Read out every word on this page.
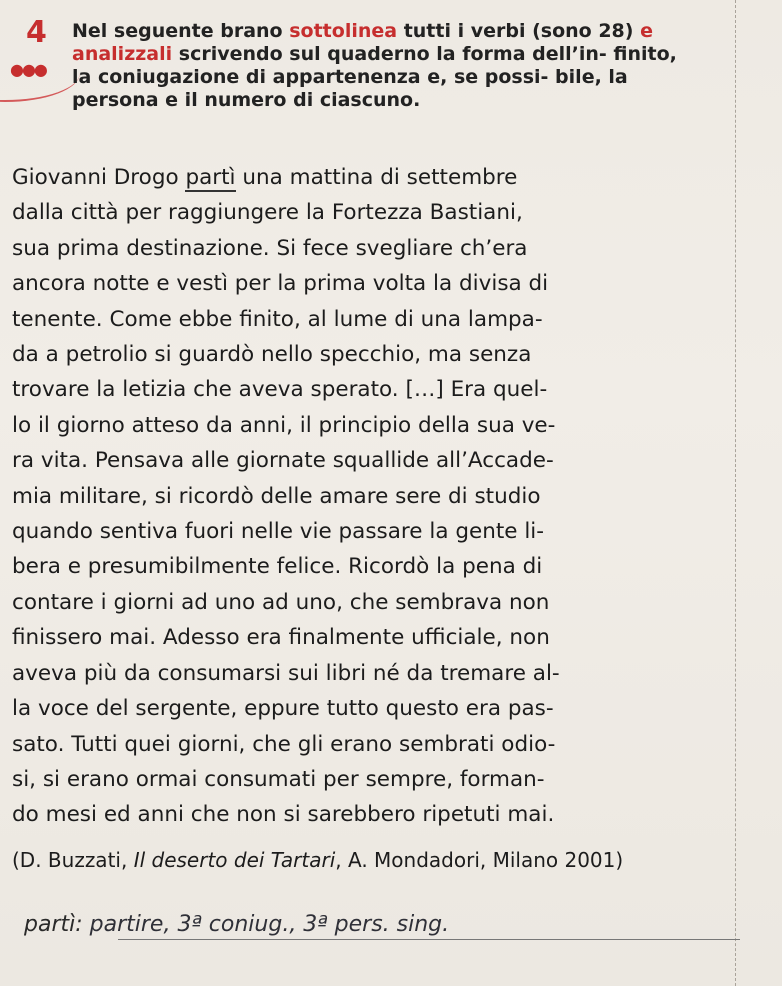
4
●●●
Nel seguente brano sottolinea tutti i verbi (sono 28) e analizzali scrivendo sul quaderno la forma dell’in- finito, la coniugazione di appartenenza e, se possi- bile, la persona e il numero di ciascuno.
Giovanni Drogo partì una mattina di settembre
dalla città per raggiungere la Fortezza Bastiani,
sua prima destinazione. Si fece svegliare ch’era
ancora notte e vestì per la prima volta la divisa di
tenente. Come ebbe finito, al lume di una lampa-
da a petrolio si guardò nello specchio, ma senza
trovare la letizia che aveva sperato. […] Era quel-
lo il giorno atteso da anni, il principio della sua ve-
ra vita. Pensava alle giornate squallide all’Accade-
mia militare, si ricordò delle amare sere di studio
quando sentiva fuori nelle vie passare la gente li-
bera e presumibilmente felice. Ricordò la pena di
contare i giorni ad uno ad uno, che sembrava non
finissero mai. Adesso era finalmente ufficiale, non
aveva più da consumarsi sui libri né da tremare al-
la voce del sergente, eppure tutto questo era pas-
sato. Tutti quei giorni, che gli erano sembrati odio-
si, si erano ormai consumati per sempre, forman-
do mesi ed anni che non si sarebbero ripetuti mai.
(D. Buzzati, Il deserto dei Tartari, A. Mondadori, Milano 2001)
partì: partire, 3ª coniug., 3ª pers. sing.
